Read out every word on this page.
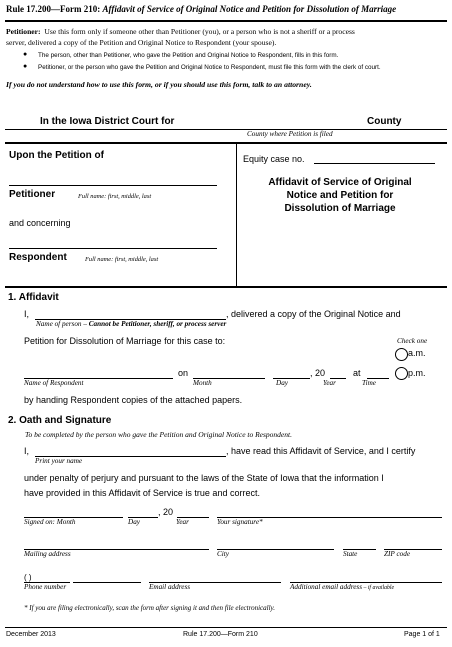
Rule 17.200—Form 210: Affidavit of Service of Original Notice and Petition for Dissolution of Marriage
Petitioner: Use this form only if someone other than Petitioner (you), or a person who is not a sheriff or a process
server, delivered a copy of the Petition and Original Notice to Respondent (your spouse).
● The person, other than Petitioner, who gave the Petition and Original Notice to Respondent, fills in this form.
● Petitioner, or the person who gave the Petition and Original Notice to Respondent, must file this form with the clerk of court.
If you do not understand how to use this form, or if you should use this form, talk to an attorney.
In the Iowa District Court for	County
County where Petition is filed
Upon the Petition of
Petitioner	Full name: first, middle, last
and concerning
Respondent	Full name: first, middle, last
Equity case no.
Affidavit of Service of Original
Notice and Petition for
Dissolution of Marriage
1. Affidavit
I,	, delivered a copy of the Original Notice and
Name of person – Cannot be Petitioner, sheriff, or process server
Petition for Dissolution of Marriage for this case to:	Check one
a.m.
on	, 20	at	p.m.
Name of Respondent	Month	Day	Year	Time
by handing Respondent copies of the attached papers.
2. Oath and Signature
To be completed by the person who gave the Petition and Original Notice to Respondent.
I,	, have read this Affidavit of Service, and I certify
Print your name
under penalty of perjury and pursuant to the laws of the State of Iowa that the information I
have provided in this Affidavit of Service is true and correct.
, 20
Signed on: Month	Day	Year	Your signature*
Mailing address	City	State	ZIP code
( )
Phone number	Email address	Additional email address – if available
* If you are filing electronically, scan the form after signing it and then file electronically.
December 2013	Rule 17.200—Form 210	Page 1 of 1
